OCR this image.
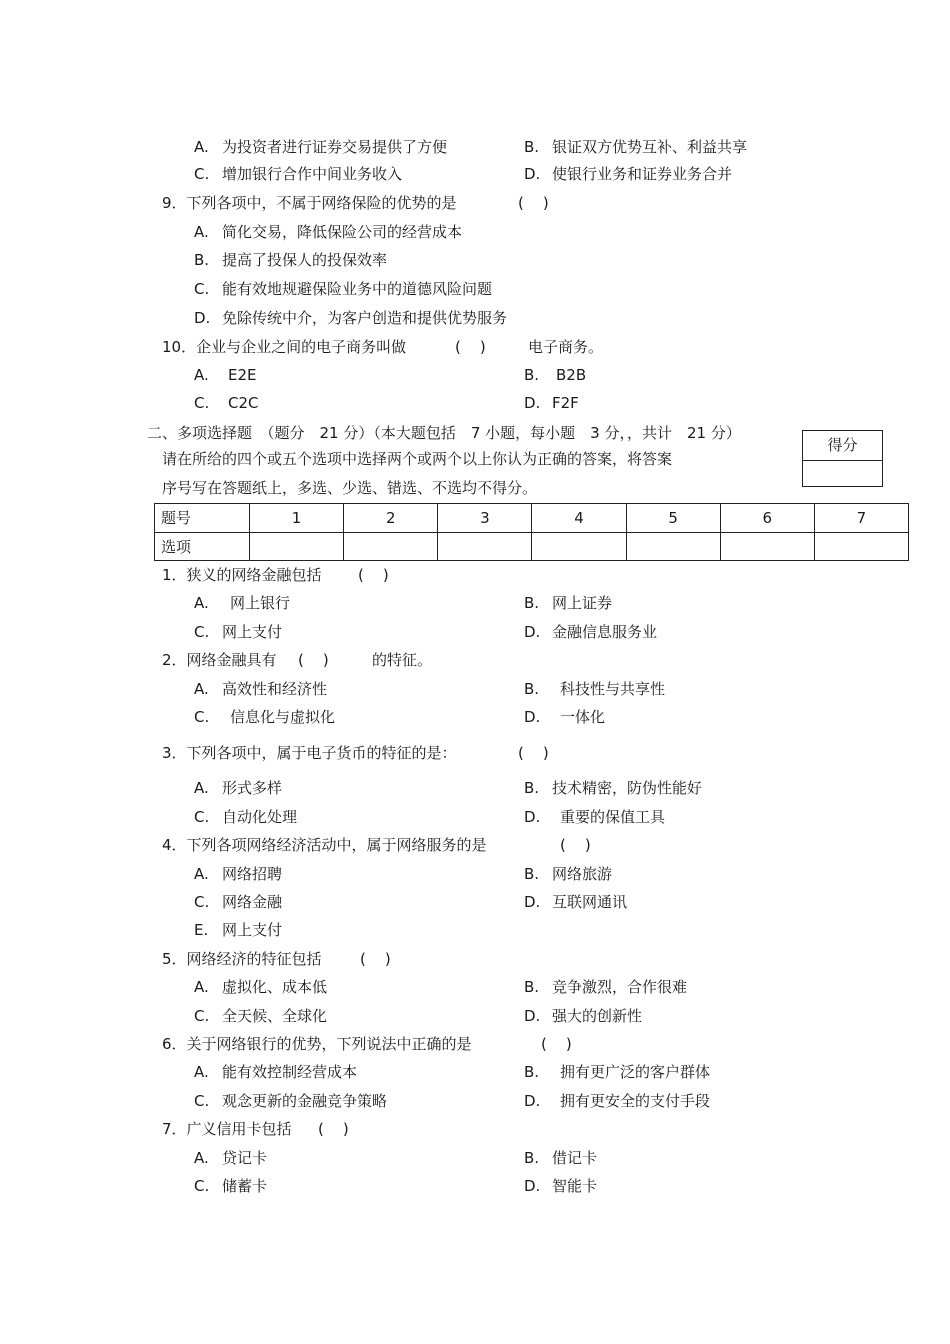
A. 为投资者进行证券交易提供了方便	B. 银证双方优势互补、利益共享
C. 增加银行合作中间业务收入	D. 使银行业务和证券业务合并
9．下列各项中，不属于网络保险的优势的是	(    )
A. 简化交易，降低保险公司的经营成本
B. 提高了投保人的投保效率
C. 能有效地规避保险业务中的道德风险问题
D. 免除传统中介，为客户创造和提供优势服务
10．企业与企业之间的电子商务叫做	(    )	电子商务。
A. E2E	B. B2B
C. C2C	D. F2F
二、多项选择题　（题分　21 分）（本大题包括　7 小题，每小题　3 分，，共计　21 分）
请在所给的四个或五个选项中选择两个或两个以上你认为正确的答案，将答案
序号写在答题纸上，多选、少选、错选、不选均不得分。
得分
题号	1	2	3	4	5	6	7
选项							
1．狭义的网络金融包括 (    )
A. 网上银行	B. 网上证券
C. 网上支付	D. 金融信息服务业
2．网络金融具有 (    )	的特征。
A. 高效性和经济性	B. 科技性与共享性
C. 信息化与虚拟化	D. 一体化
3．下列各项中，属于电子货币的特征的是：	(    )
A. 形式多样	B. 技术精密，防伪性能好
C. 自动化处理	D. 重要的保值工具
4．下列各项网络经济活动中，属于网络服务的是	(    )
A. 网络招聘	B. 网络旅游
C. 网络金融	D. 互联网通讯
E. 网上支付
5．网络经济的特征包括	(    )
A. 虚拟化、成本低	B. 竞争激烈，合作很难
C. 全天候、全球化	D. 强大的创新性
6．关于网络银行的优势，下列说法中正确的是	(    )
A. 能有效控制经营成本	B. 拥有更广泛的客户群体
C. 观念更新的金融竞争策略	D. 拥有更安全的支付手段
7．广义信用卡包括 (    )
A. 贷记卡	B. 借记卡
C. 储蓄卡	D. 智能卡
